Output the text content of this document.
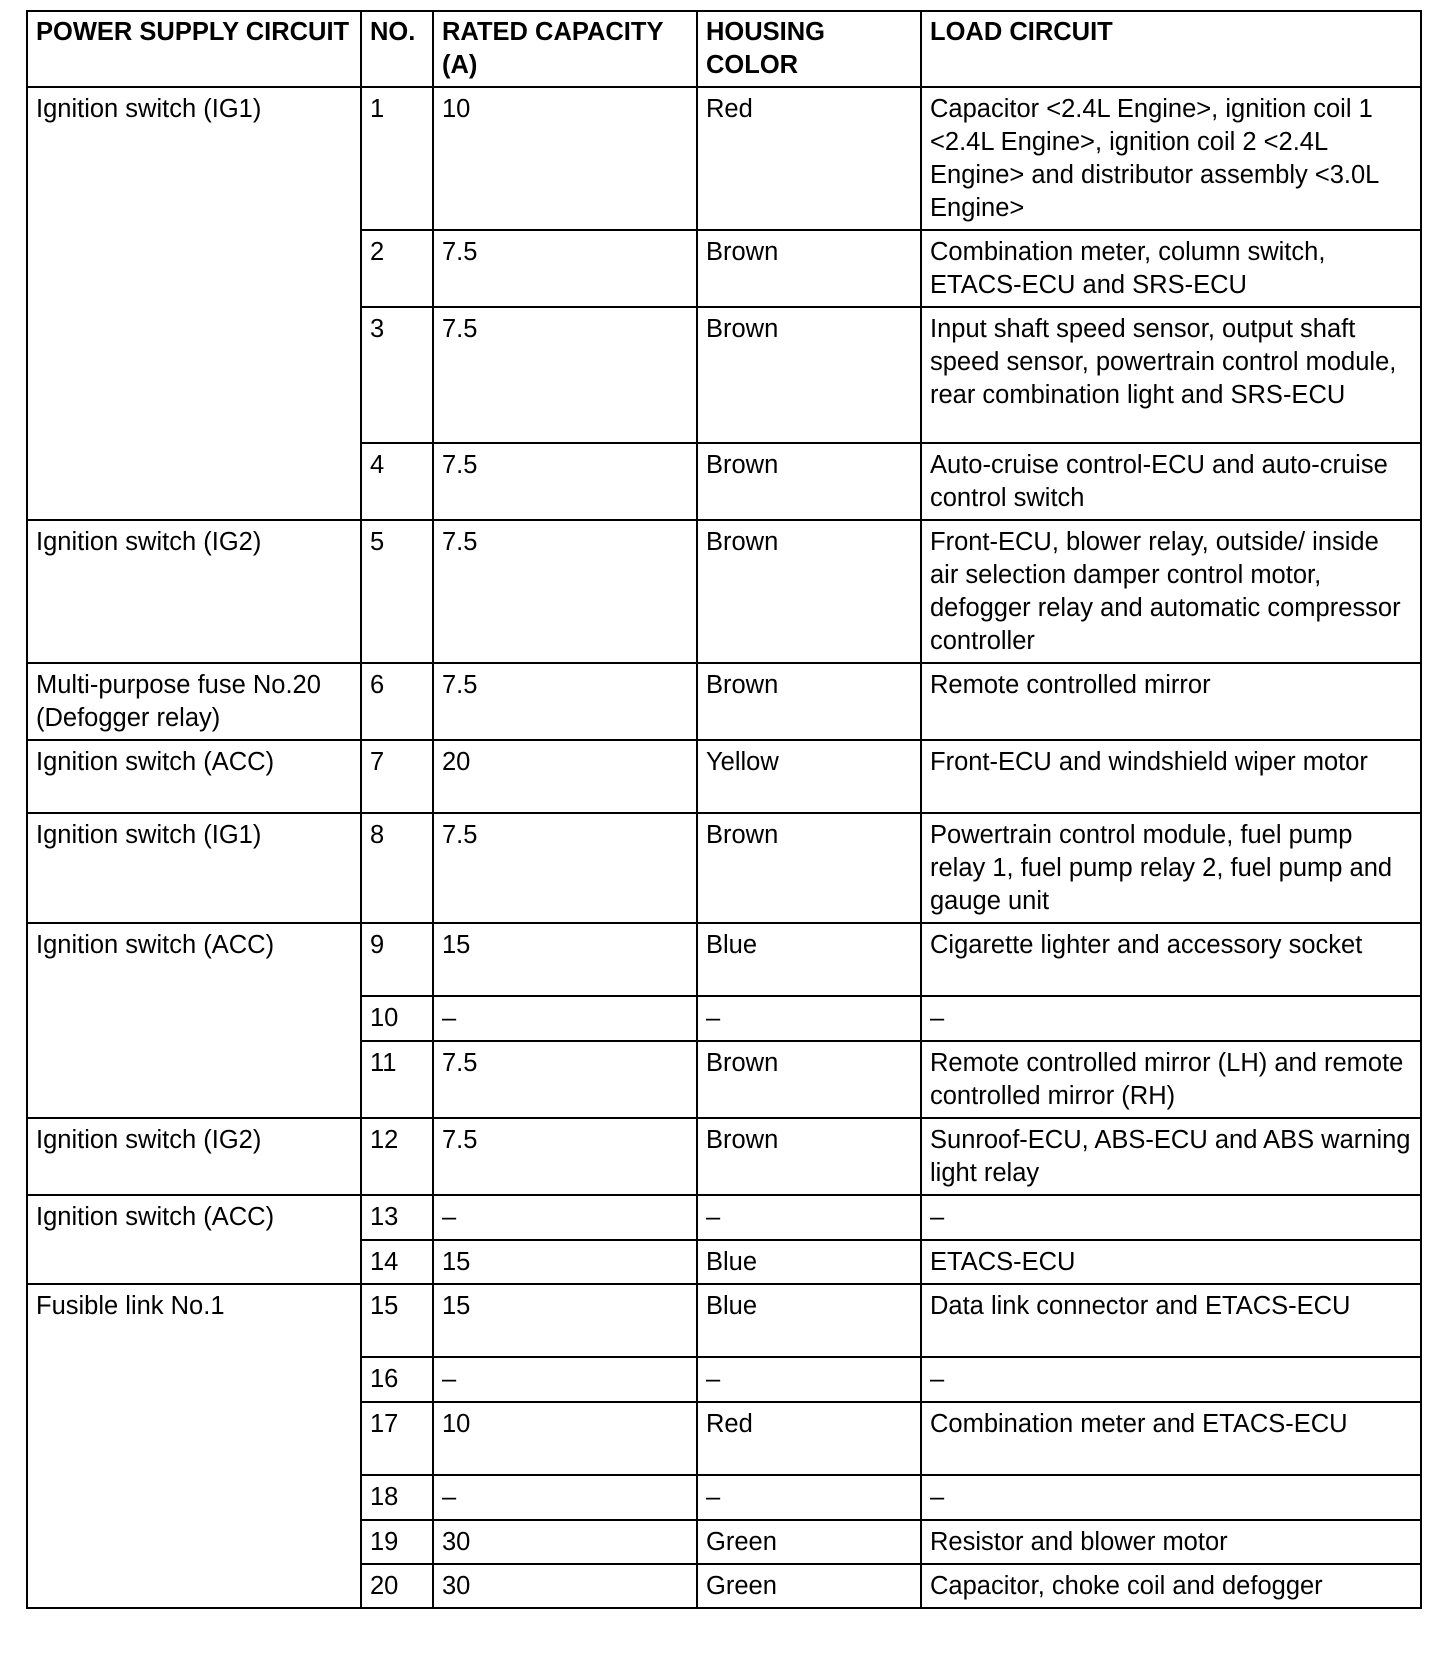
POWER SUPPLY CIRCUIT	NO.	RATED CAPACITY (A)	HOUSING COLOR	LOAD CIRCUIT
Ignition switch (IG1)	1	10	Red	Capacitor <2.4L Engine>, ignition coil 1 <2.4L Engine>, ignition coil 2 <2.4L Engine> and distributor assembly <3.0L Engine>
	2	7.5	Brown	Combination meter, column switch, ETACS-ECU and SRS-ECU
	3	7.5	Brown	Input shaft speed sensor, output shaft speed sensor, powertrain control module, rear combination light and SRS-ECU
	4	7.5	Brown	Auto-cruise control-ECU and auto-cruise control switch
Ignition switch (IG2)	5	7.5	Brown	Front-ECU, blower relay, outside/ inside air selection damper control motor, defogger relay and automatic compressor controller
Multi-purpose fuse No.20 (Defogger relay)	6	7.5	Brown	Remote controlled mirror
Ignition switch (ACC)	7	20	Yellow	Front-ECU and windshield wiper motor
Ignition switch (IG1)	8	7.5	Brown	Powertrain control module, fuel pump relay 1, fuel pump relay 2, fuel pump and gauge unit
Ignition switch (ACC)	9	15	Blue	Cigarette lighter and accessory socket
	10	–	–	–
	11	7.5	Brown	Remote controlled mirror (LH) and remote controlled mirror (RH)
Ignition switch (IG2)	12	7.5	Brown	Sunroof-ECU, ABS-ECU and ABS warning light relay
Ignition switch (ACC)	13	–	–	–
	14	15	Blue	ETACS-ECU
Fusible link No.1	15	15	Blue	Data link connector and ETACS-ECU
	16	–	–	–
	17	10	Red	Combination meter and ETACS-ECU
	18	–	–	–
	19	30	Green	Resistor and blower motor
	20	30	Green	Capacitor, choke coil and defogger
